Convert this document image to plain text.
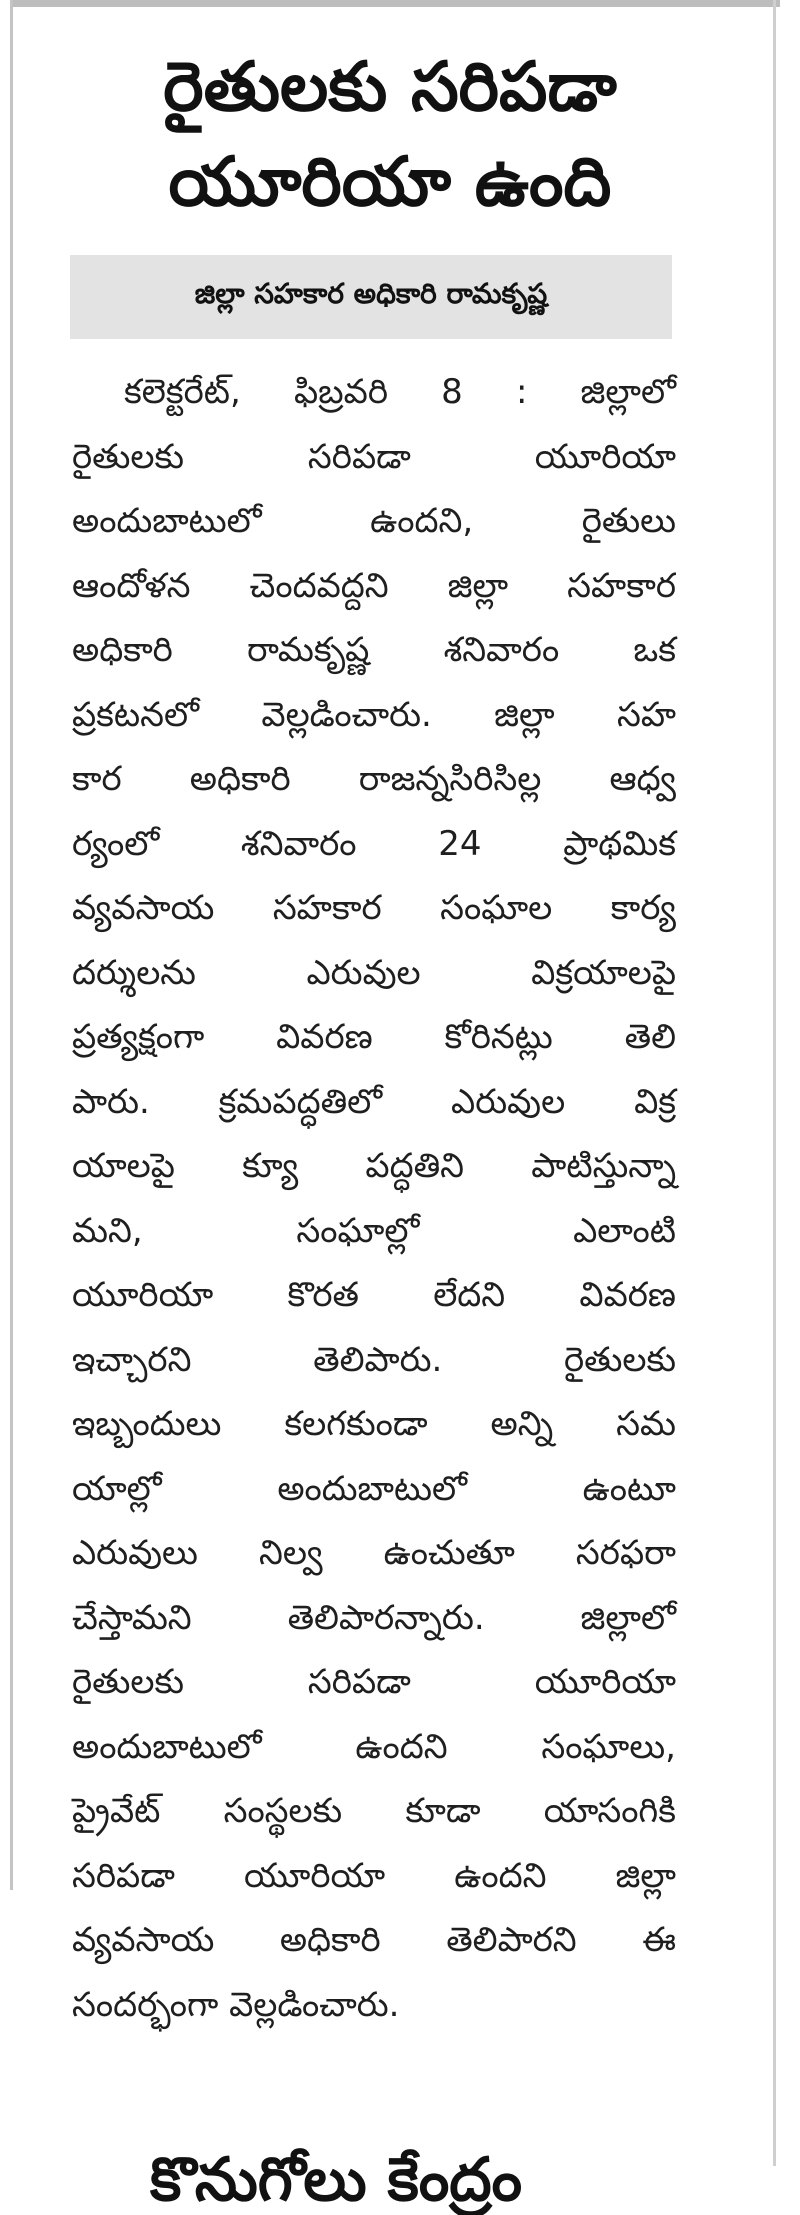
రైతులకు సరిపడా
యూరియా ఉంది
జిల్లా సహకార అధికారి రామకృష్ణ
కలెక్టరేట్, ఫిబ్రవరి 8 : జిల్లాలో
రైతులకు సరిపడా యూరియా
అందుబాటులో ఉందని, రైతులు
ఆందోళన చెందవద్దని జిల్లా సహకార
అధికారి రామకృష్ణ శనివారం ఒక
ప్రకటనలో వెల్లడించారు. జిల్లా సహ
కార అధికారి రాజన్నసిరిసిల్ల ఆధ్వ
ర్యంలో శనివారం 24 ప్రాథమిక
వ్యవసాయ సహకార సంఘాల కార్య
దర్శులను ఎరువుల విక్రయాలపై
ప్రత్యక్షంగా వివరణ కోరినట్లు తెలి
పారు. క్రమపద్ధతిలో ఎరువుల విక్ర
యాలపై క్యూ పద్ధతిని పాటిస్తున్నా
మని, సంఘాల్లో ఎలాంటి
యూరియా కొరత లేదని వివరణ
ఇచ్చారని తెలిపారు. రైతులకు
ఇబ్బందులు కలగకుండా అన్ని సమ
యాల్లో అందుబాటులో ఉంటూ
ఎరువులు నిల్వ ఉంచుతూ సరఫరా
చేస్తామని తెలిపారన్నారు. జిల్లాలో
రైతులకు సరిపడా యూరియా
అందుబాటులో ఉందని సంఘాలు,
ప్రైవేట్ సంస్థలకు కూడా యాసంగికి
సరిపడా యూరియా ఉందని జిల్లా
వ్యవసాయ అధికారి తెలిపారని ఈ
సందర్భంగా వెల్లడించారు.
కొనుగోలు కేంద్రం
